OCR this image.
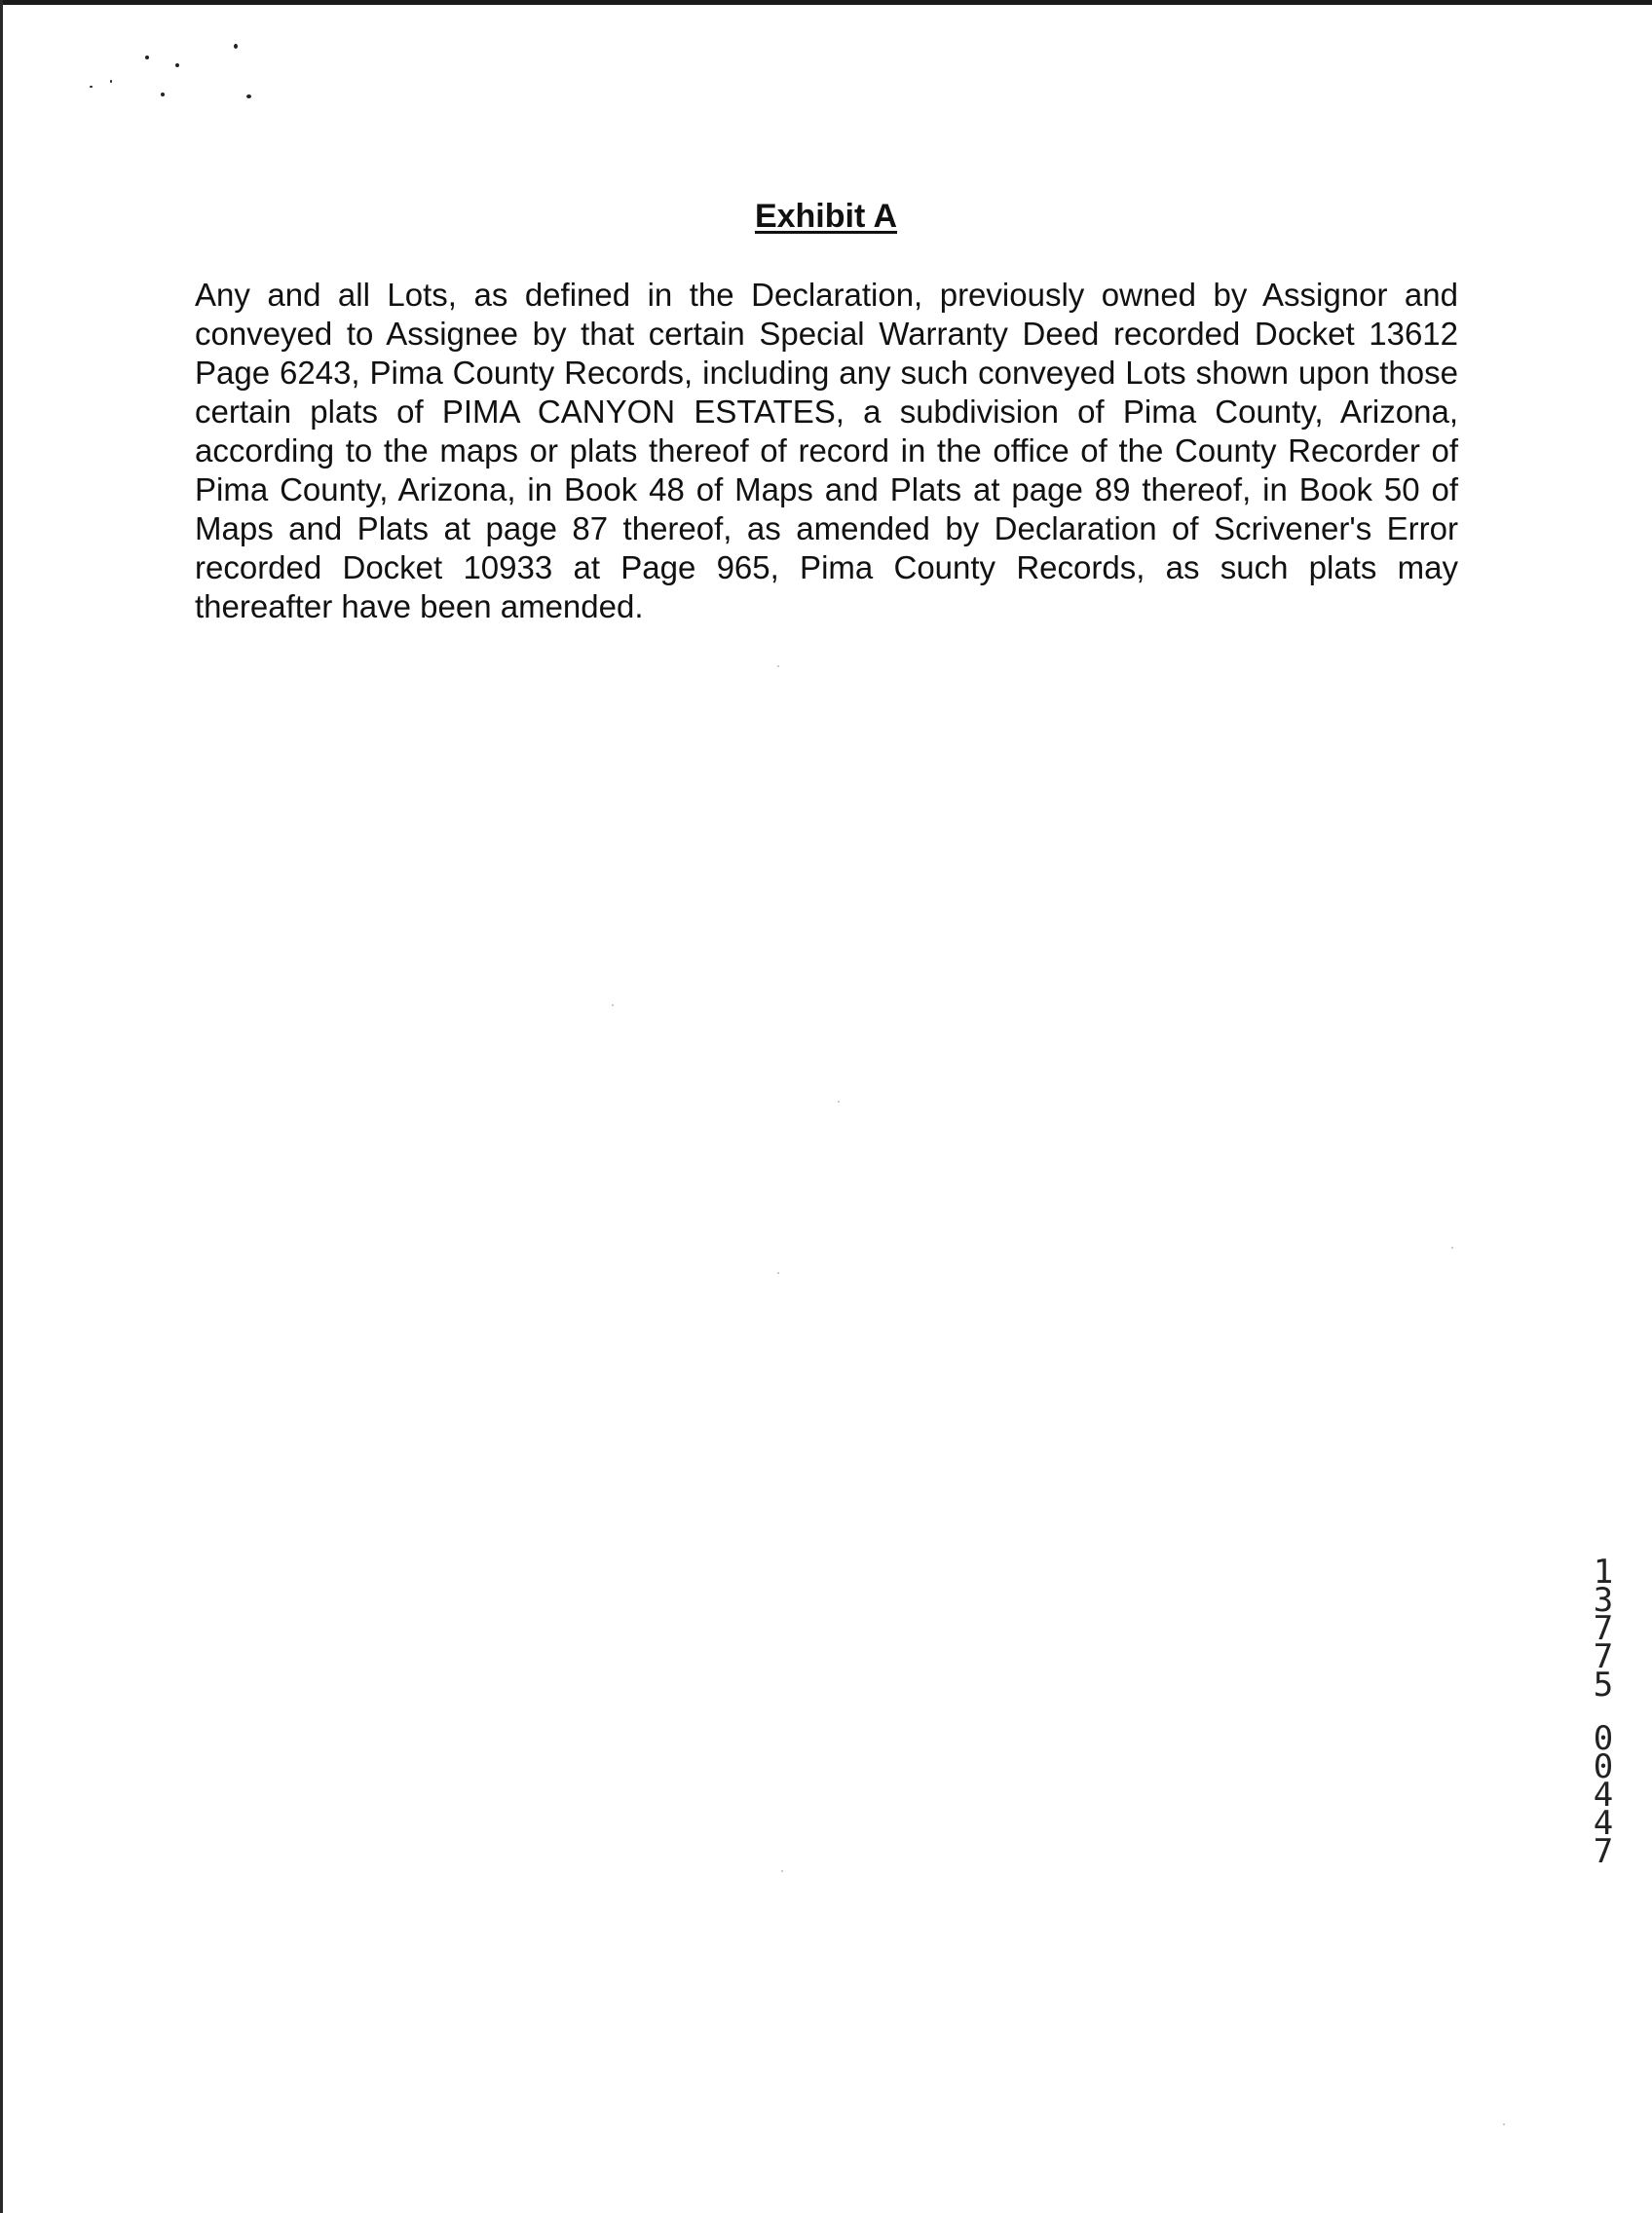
Exhibit A
Any and all Lots, as defined in the Declaration, previously owned by Assignor and conveyed to Assignee by that certain Special Warranty Deed recorded Docket 13612 Page 6243, Pima County Records, including any such conveyed Lots shown upon those certain plats of PIMA CANYON ESTATES, a subdivision of Pima County, Arizona, according to the maps or plats thereof of record in the office of the County Recorder of Pima County, Arizona, in Book 48 of Maps and Plats at page 89 thereof, in Book 50 of Maps and Plats at page 87 thereof, as amended by Declaration of Scrivener's Error recorded Docket 10933 at Page 965, Pima County Records, as such plats may thereafter have been amended.
1
3
7
7
5
0
0
4
4
7
